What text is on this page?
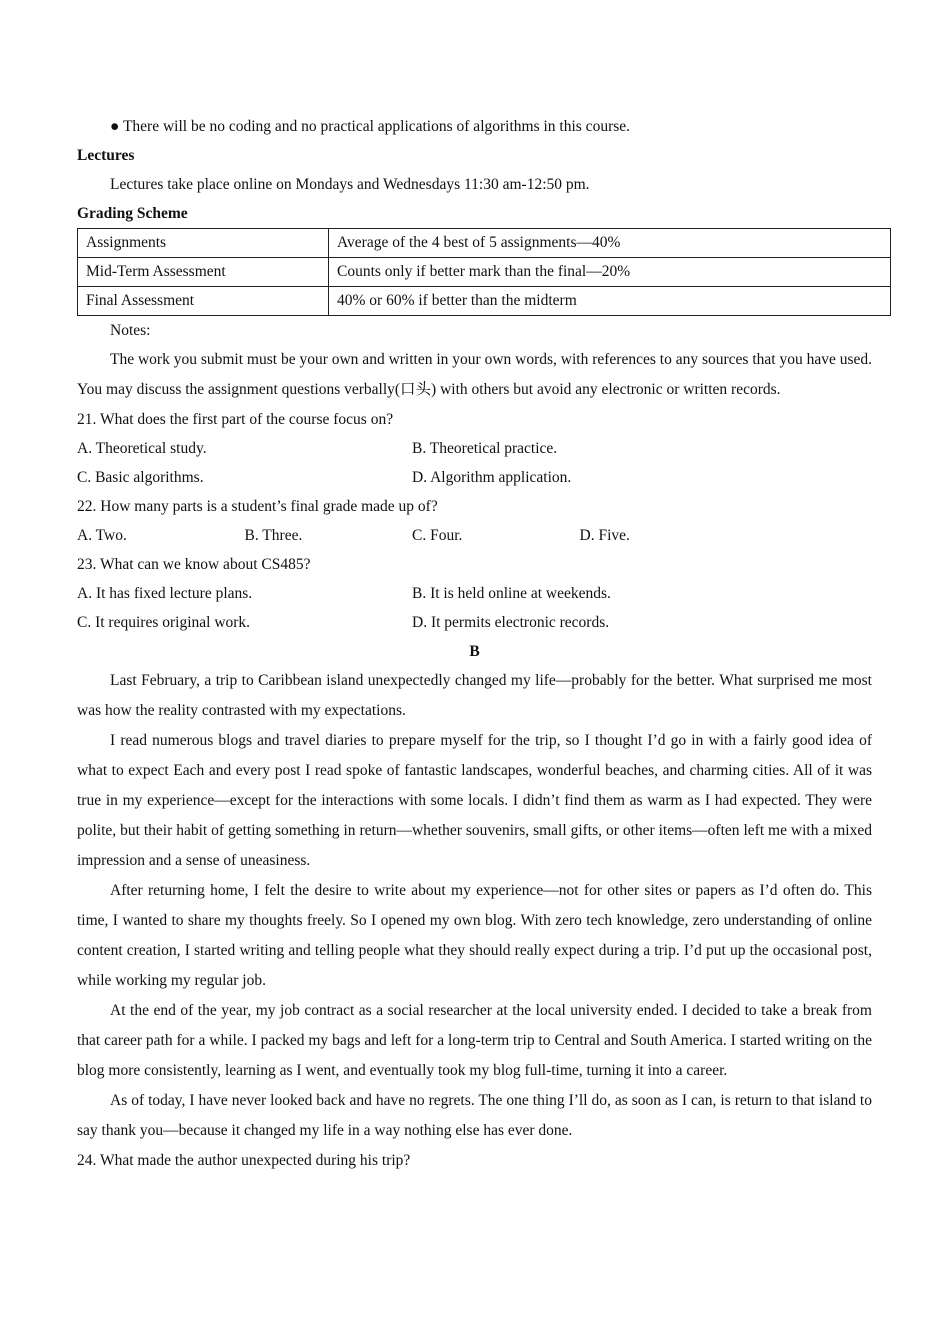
● There will be no coding and no practical applications of algorithms in this course.
Lectures
Lectures take place online on Mondays and Wednesdays 11:30 am-12:50 pm.
Grading Scheme
Assignments	Average of the 4 best of 5 assignments—40%
Mid-Term Assessment	Counts only if better mark than the final—20%
Final Assessment	40% or 60% if better than the midterm
Notes:
The work you submit must be your own and written in your own words, with references to any sources that you have used. You may discuss the assignment questions verbally(口头) with others but avoid any electronic or written records.
21. What does the first part of the course focus on?
A. Theoretical study.	B. Theoretical practice.
C. Basic algorithms.	D. Algorithm application.
22. How many parts is a student’s final grade made up of?
A. Two.	B. Three.	C. Four.	D. Five.
23. What can we know about CS485?
A. It has fixed lecture plans.	B. It is held online at weekends.
C. It requires original work.	D. It permits electronic records.
B
Last February, a trip to Caribbean island unexpectedly changed my life—probably for the better. What surprised me most was how the reality contrasted with my expectations.
I read numerous blogs and travel diaries to prepare myself for the trip, so I thought I’d go in with a fairly good idea of what to expect Each and every post I read spoke of fantastic landscapes, wonderful beaches, and charming cities. All of it was true in my experience—except for the interactions with some locals. I didn’t find them as warm as I had expected. They were polite, but their habit of getting something in return—whether souvenirs, small gifts, or other items—often left me with a mixed impression and a sense of uneasiness.
After returning home, I felt the desire to write about my experience—not for other sites or papers as I’d often do. This time, I wanted to share my thoughts freely. So I opened my own blog. With zero tech knowledge, zero understanding of online content creation, I started writing and telling people what they should really expect during a trip. I’d put up the occasional post, while working my regular job.
At the end of the year, my job contract as a social researcher at the local university ended. I decided to take a break from that career path for a while. I packed my bags and left for a long-term trip to Central and South America. I started writing on the blog more consistently, learning as I went, and eventually took my blog full-time, turning it into a career.
As of today, I have never looked back and have no regrets. The one thing I’ll do, as soon as I can, is return to that island to say thank you—because it changed my life in a way nothing else has ever done.
24. What made the author unexpected during his trip?
